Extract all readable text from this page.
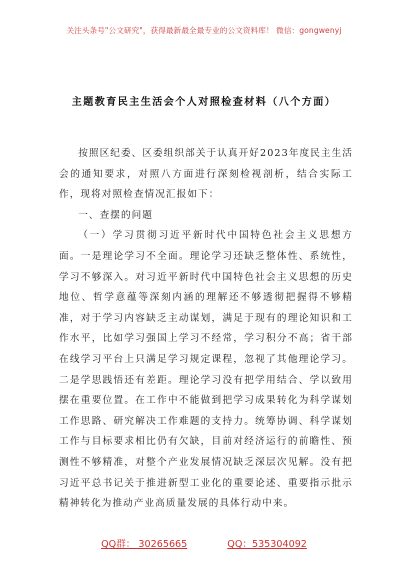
关注头条号"公文研究"，获得最新最全最专业的公文资料库！ 微信：gongwenyj
主题教育民主生活会个人对照检查材料（八个方面）

按照区纪委、区委组织部关于认真开好2023年度民主生活会的通知要求，对照八方面进行深刻检视剖析，结合实际工作，现将对照检查情况汇报如下：

一、查摆的问题

（一）学习贯彻习近平新时代中国特色社会主义思想方面。一是理论学习不全面。理论学习还缺乏整体性、系统性，学习不够深入。对习近平新时代中国特色社会主义思想的历史地位、哲学意蕴等深刻内涵的理解还不够透彻把握得不够精准，对于学习内容缺乏主动谋划，满足于现有的理论知识和工作水平，比如学习强国上学习不经常，学习积分不高；省干部在线学习平台上只满足学习规定课程，忽视了其他理论学习。二是学思践悟还有差距。理论学习没有把学用结合、学以致用摆在重要位置。在工作中不能做到把学习成果转化为科学谋划工作思路、研究解决工作难题的支持力。统筹协调、科学谋划工作与目标要求相比仍有欠缺，目前对经济运行的前瞻性、预测性不够精准，对整个产业发展情况缺乏深层次见解。没有把习近平总书记关于推进新型工业化的重要论述、重要指示批示精神转化为推动产业高质量发展的具体行动中来。

QQ群： 30265665	QQ：535304092
